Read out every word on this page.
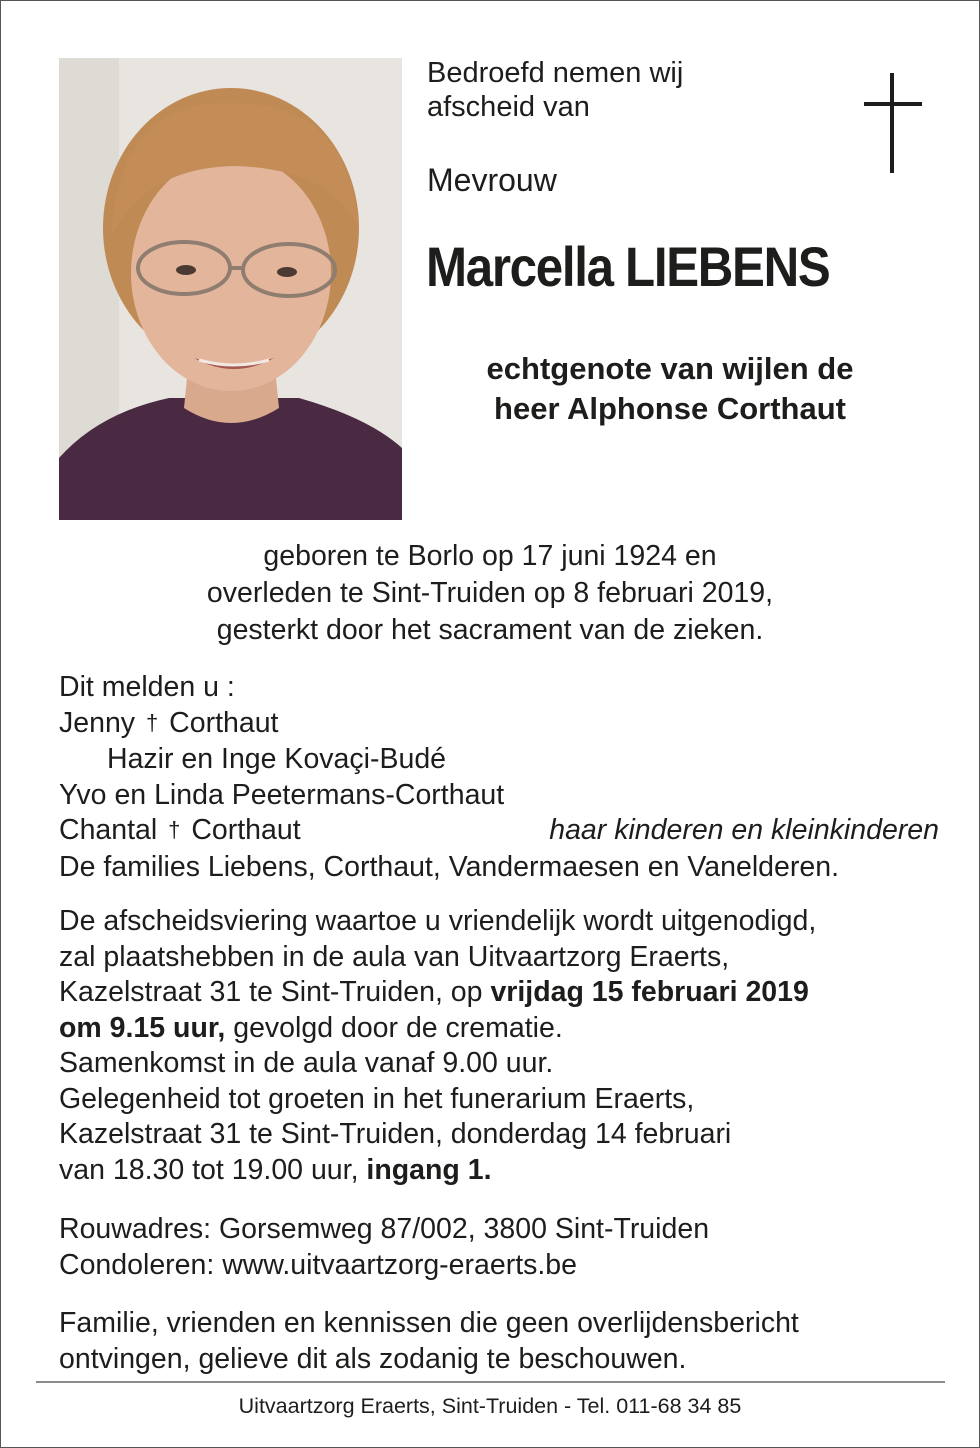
Bedroefd nemen wij
afscheid van
Mevrouw
Marcella LIEBENS
echtgenote van wijlen de
heer Alphonse Corthaut
geboren te Borlo op 17 juni 1924 en
overleden te Sint-Truiden op 8 februari 2019,
gesterkt door het sacrament van de zieken.

Dit melden u :

Jenny † Corthaut

Hazir en Inge Kovaçi-Budé

Yvo en Linda Peetermans-Corthaut

Chantal † Corthaut	haar kinderen en kleinkinderen

De families Liebens, Corthaut, Vandermaesen en Vanelderen.

De afscheidsviering waartoe u vriendelijk wordt uitgenodigd,

zal plaatshebben in de aula van Uitvaartzorg Eraerts,

Kazelstraat 31 te Sint-Truiden, op vrijdag 15 februari 2019

om 9.15 uur, gevolgd door de crematie.

Samenkomst in de aula vanaf 9.00 uur.

Gelegenheid tot groeten in het funerarium Eraerts,

Kazelstraat 31 te Sint-Truiden, donderdag 14 februari

van 18.30 tot 19.00 uur, ingang 1.

Rouwadres: Gorsemweg 87/002, 3800 Sint-Truiden

Condoleren: www.uitvaartzorg-eraerts.be

Familie, vrienden en kennissen die geen overlijdensbericht

ontvingen, gelieve dit als zodanig te beschouwen.

Uitvaartzorg Eraerts, Sint-Truiden - Tel. 011-68 34 85
